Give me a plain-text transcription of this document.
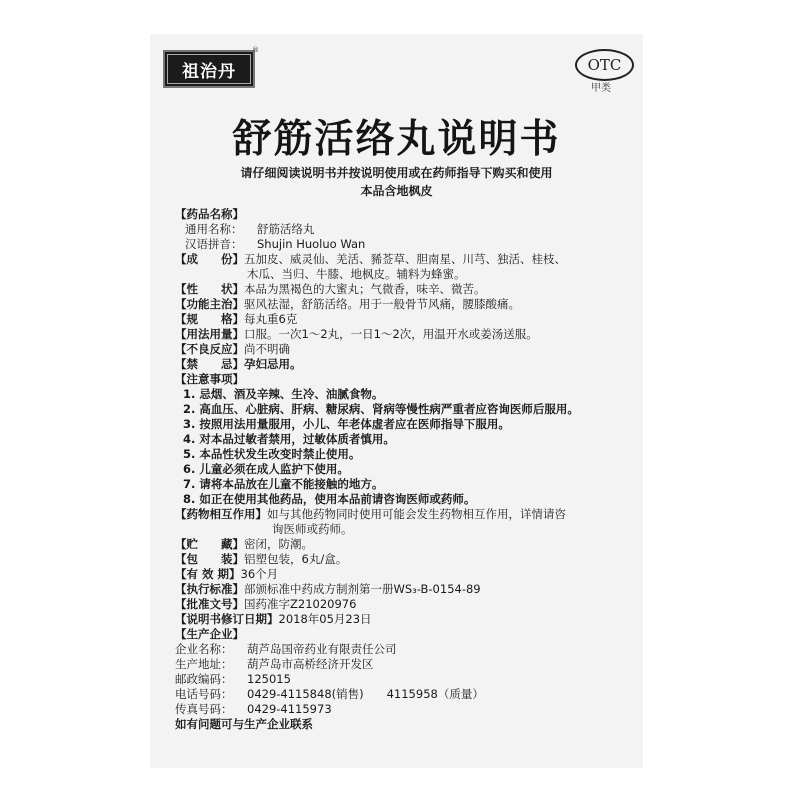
祖治丹
®
OTC
甲类
舒筋活络丸说明书
请仔细阅读说明书并按说明使用或在药师指导下购买和使用
本品含地枫皮
【药品名称】
通用名称： 舒筋活络丸
汉语拼音： Shujin Huoluo Wan
【成　　份】五加皮、威灵仙、羌活、豨莶草、胆南星、川芎、独活、桂枝、
木瓜、当归、牛膝、地枫皮。辅料为蜂蜜。
【性　　状】本品为黑褐色的大蜜丸；气微香，味辛、微苦。
【功能主治】驱风祛湿，舒筋活络。用于一般骨节风痛，腰膝酸痛。
【规　　格】每丸重6克
【用法用量】口服。一次1～2丸，一日1～2次，用温开水或姜汤送服。
【不良反应】尚不明确
【禁　　忌】孕妇忌用。
【注意事项】
1. 忌烟、酒及辛辣、生冷、油腻食物。
2. 高血压、心脏病、肝病、糖尿病、肾病等慢性病严重者应咨询医师后服用。
3. 按照用法用量服用，小儿、年老体虚者应在医师指导下服用。
4. 对本品过敏者禁用，过敏体质者慎用。
5. 本品性状发生改变时禁止使用。
6. 儿童必须在成人监护下使用。
7. 请将本品放在儿童不能接触的地方。
8. 如正在使用其他药品，使用本品前请咨询医师或药师。
【药物相互作用】如与其他药物同时使用可能会发生药物相互作用，详情请咨
询医师或药师。
【贮　　藏】密闭，防潮。
【包　　装】铝塑包装，6丸/盒。
【有 效 期】36个月
【执行标准】部颁标准中药成方制剂第一册WS₃-B-0154-89
【批准文号】国药准字Z21020976
【说明书修订日期】2018年05月23日
【生产企业】
企业名称： 葫芦岛国帝药业有限责任公司
生产地址： 葫芦岛市高桥经济开发区
邮政编码： 125015
电话号码： 0429-4115848(销售)　　4115958（质量）
传真号码： 0429-4115973
如有问题可与生产企业联系
